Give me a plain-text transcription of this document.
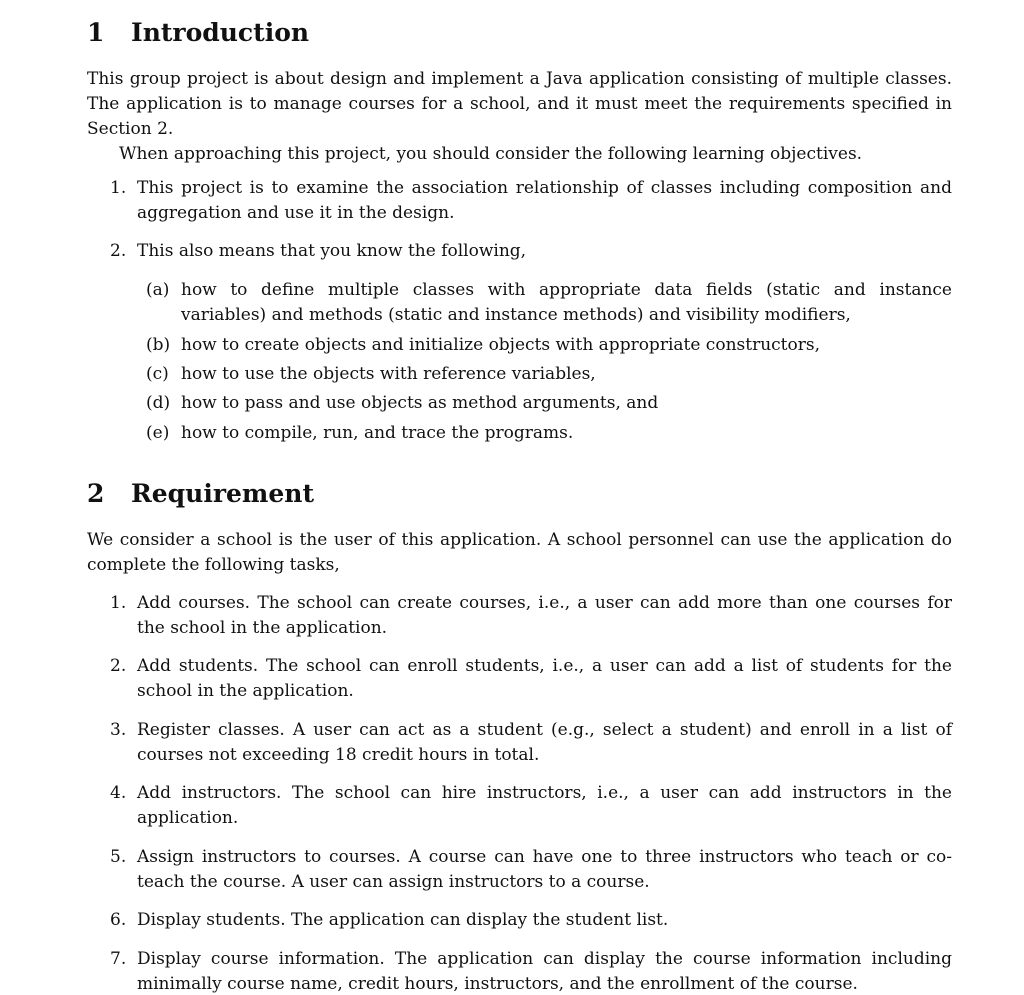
1 Introduction
This group project is about design and implement a Java application consisting of multiple classes. The application is to manage courses for a school, and it must meet the requirements specified in Section 2.
When approaching this project, you should consider the following learning objectives.
1. This project is to examine the association relationship of classes including composition and aggregation and use it in the design.
2. This also means that you know the following,
(a) how to define multiple classes with appropriate data fields (static and instance variables) and methods (static and instance methods) and visibility modifiers,
(b) how to create objects and initialize objects with appropriate constructors,
(c) how to use the objects with reference variables,
(d) how to pass and use objects as method arguments, and
(e) how to compile, run, and trace the programs.
2 Requirement
We consider a school is the user of this application. A school personnel can use the application do complete the following tasks,
1. Add courses. The school can create courses, i.e., a user can add more than one courses for the school in the application.
2. Add students. The school can enroll students, i.e., a user can add a list of students for the school in the application.
3. Register classes. A user can act as a student (e.g., select a student) and enroll in a list of courses not exceeding 18 credit hours in total.
4. Add instructors. The school can hire instructors, i.e., a user can add instructors in the application.
5. Assign instructors to courses. A course can have one to three instructors who teach or co-teach the course. A user can assign instructors to a course.
6. Display students. The application can display the student list.
7. Display course information. The application can display the course information including minimally course name, credit hours, instructors, and the enrollment of the course.
